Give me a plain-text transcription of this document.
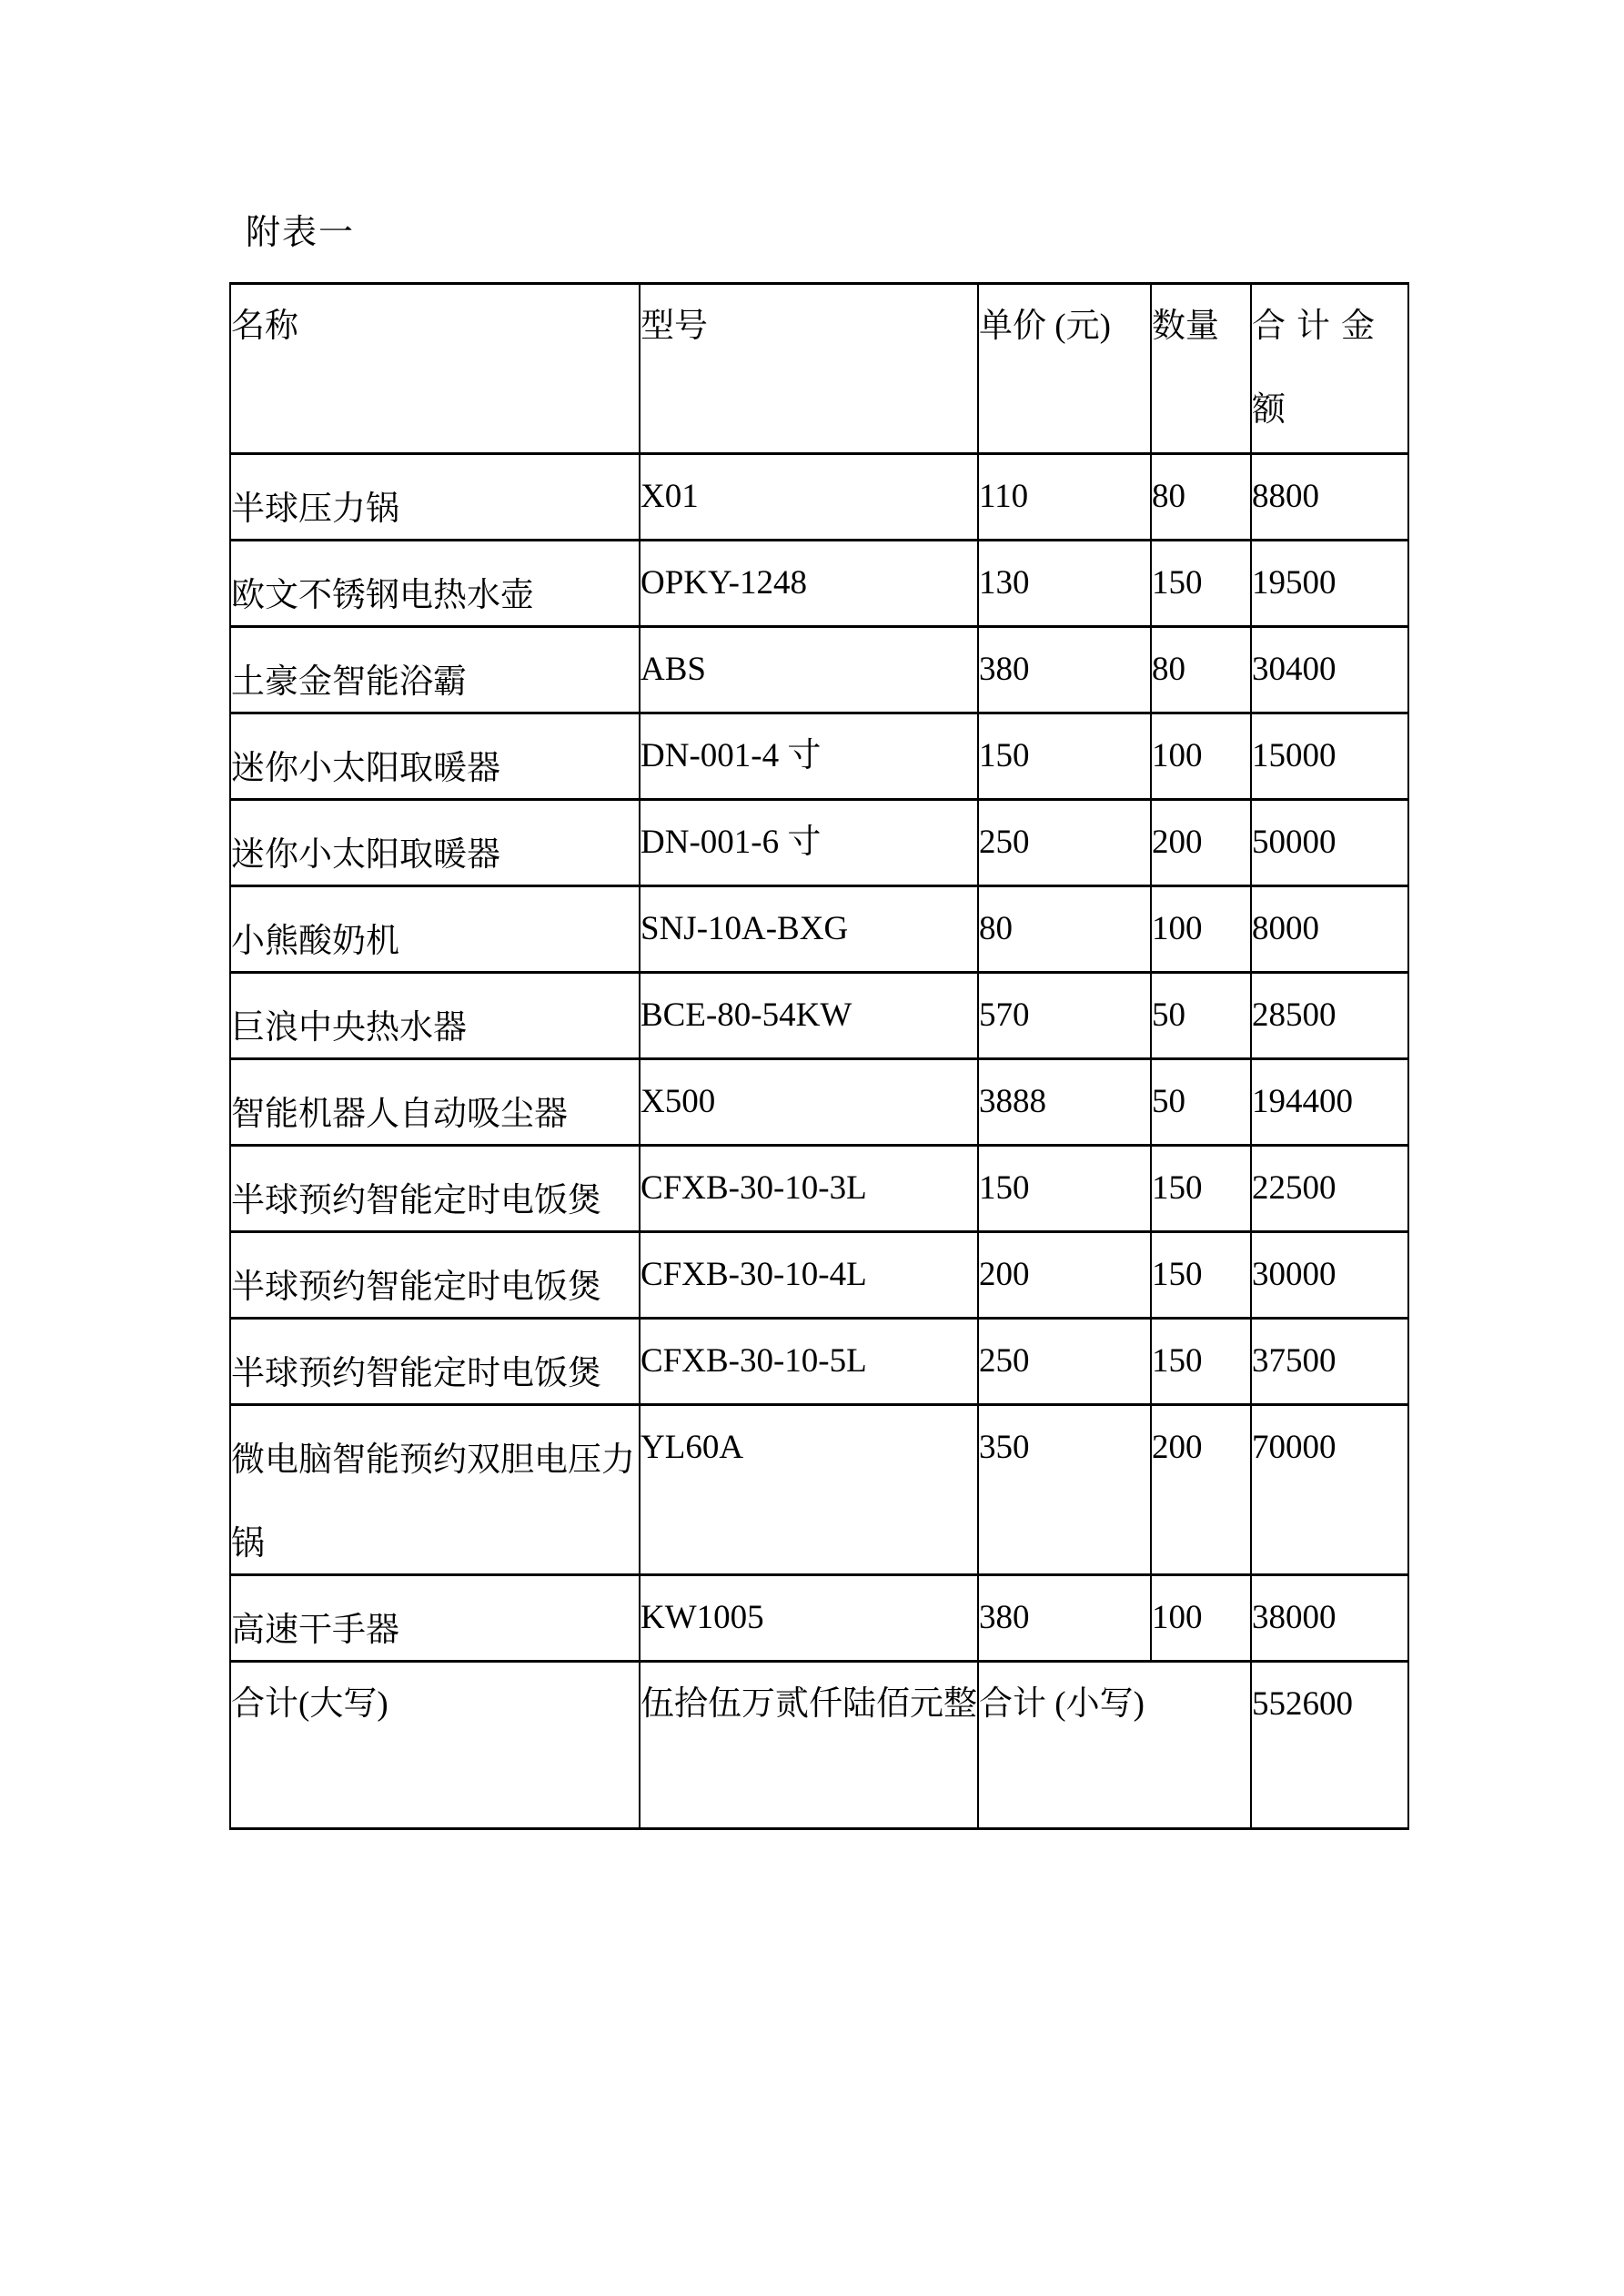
附表一
名称	型号	单价 (元)	数量	合计金额
半球压力锅	X01	110	80	8800
欧文不锈钢电热水壶	OPKY-1248	130	150	19500
土豪金智能浴霸	ABS	380	80	30400
迷你小太阳取暖器	DN-001-4 寸	150	100	15000
迷你小太阳取暖器	DN-001-6 寸	250	200	50000
小熊酸奶机	SNJ-10A-BXG	80	100	8000
巨浪中央热水器	BCE-80-54KW	570	50	28500
智能机器人自动吸尘器	X500	3888	50	194400
半球预约智能定时电饭煲	CFXB-30-10-3L	150	150	22500
半球预约智能定时电饭煲	CFXB-30-10-4L	200	150	30000
半球预约智能定时电饭煲	CFXB-30-10-5L	250	150	37500
微电脑智能预约双胆电压力锅	YL60A	350	200	70000
高速干手器	KW1005	380	100	38000
合计(大写)	伍拾伍万贰仟陆佰元整	合计 (小写)		552600
